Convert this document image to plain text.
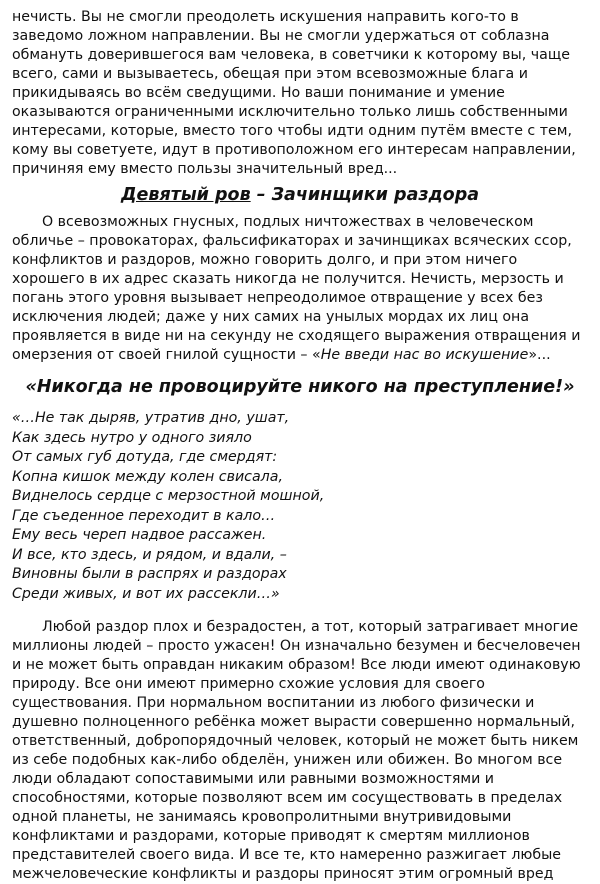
нечисть. Вы не смогли преодолеть искушения направить кого-то в заведомо ложном направлении. Вы не смогли удержаться от соблазна обмануть доверившегося вам человека, в советчики к которому вы, чаще всего, сами и вызываетесь, обещая при этом всевозможные блага и прикидываясь во всём сведущими. Но ваши понимание и умение оказываются ограниченными исключительно только лишь собственными интересами, которые, вместо того чтобы идти одним путём вместе с тем, кому вы советуете, идут в противоположном его интересам направлении, причиняя ему вместо пользы значительный вред...

Девятый ров – Зачинщики раздора

О всевозможных гнусных, подлых ничтожествах в человеческом обличье – провокаторах, фальсификаторах и зачинщиках всяческих ссор, конфликтов и раздоров, можно говорить долго, и при этом ничего хорошего в их адрес сказать никогда не получится. Нечисть, мерзость и погань этого уровня вызывает непреодолимое отвращение у всех без исключения людей; даже у них самих на унылых мордах их лиц она проявляется в виде ни на секунду не сходящего выражения отвращения и омерзения от своей гнилой сущности – «Не введи нас во искушение»...

«Никогда не провоцируйте никого на преступление!»
«…Не так дыряв, утратив дно, ушат,
Как здесь нутро у одного зияло
От самых губ дотуда, где смердят:
Копна кишок между колен свисала,
Виднелось сердце с мерзостной мошной,
Где съеденное переходит в кало…
Ему весь череп надвое рассажен.
И все, кто здесь, и рядом, и вдали, –
Виновны были в распрях и раздорах
Среди живых, и вот их рассекли…»

Любой раздор плох и безрадостен, а тот, который затрагивает многие миллионы людей – просто ужасен! Он изначально безумен и бесчеловечен и не может быть оправдан никаким образом! Все люди имеют одинаковую природу. Все они имеют примерно схожие условия для своего существования. При нормальном воспитании из любого физически и душевно полноценного ребёнка может вырасти совершенно нормальный, ответственный, добропорядочный человек, который не может быть никем из себе подобных как-либо обделён, унижен или обижен. Во многом все люди обладают сопоставимыми или равными возможностями и способностями, которые позволяют всем им сосуществовать в пределах одной планеты, не занимаясь кровопролитными внутривидовыми конфликтами и раздорами, которые приводят к смертям миллионов представителей своего вида. И все те, кто намеренно разжигает любые межчеловеческие конфликты и раздоры приносят этим огромный вред
